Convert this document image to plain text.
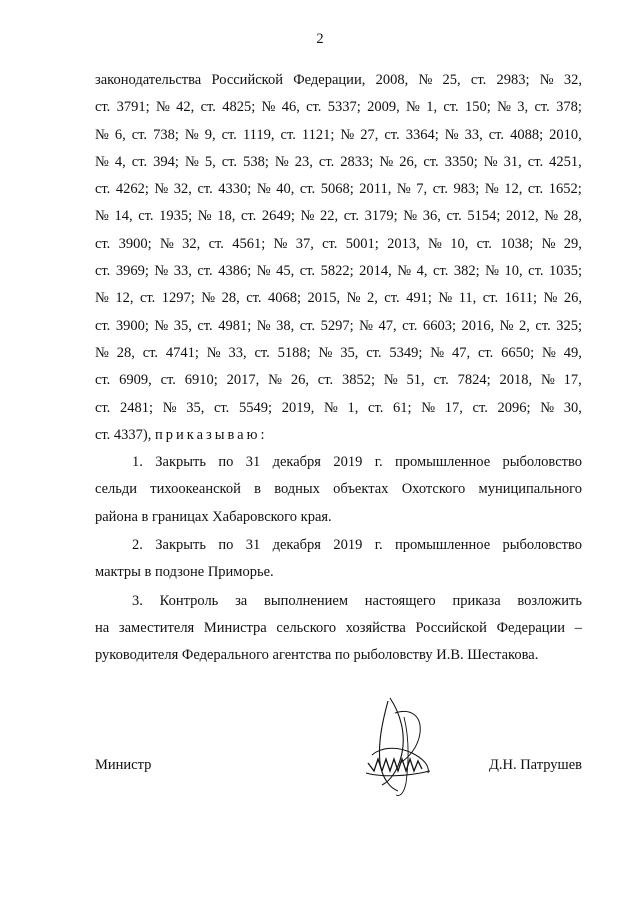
2
законодательства Российской Федерации, 2008, № 25, ст. 2983; № 32,
ст. 3791; № 42, ст. 4825; № 46, ст. 5337; 2009, № 1, ст. 150; № 3, ст. 378;
№ 6, ст. 738; № 9, ст. 1119, ст. 1121; № 27, ст. 3364; № 33, ст. 4088; 2010,
№ 4, ст. 394; № 5, ст. 538; № 23, ст. 2833; № 26, ст. 3350; № 31, ст. 4251,
ст. 4262; № 32, ст. 4330; № 40, ст. 5068; 2011, № 7, ст. 983; № 12, ст. 1652;
№ 14, ст. 1935; № 18, ст. 2649; № 22, ст. 3179; № 36, ст. 5154; 2012, № 28,
ст. 3900; № 32, ст. 4561; № 37, ст. 5001; 2013, № 10, ст. 1038; № 29,
ст. 3969; № 33, ст. 4386; № 45, ст. 5822; 2014, № 4, ст. 382; № 10, ст. 1035;
№ 12, ст. 1297; № 28, ст. 4068; 2015, № 2, ст. 491; № 11, ст. 1611; № 26,
ст. 3900; № 35, ст. 4981; № 38, ст. 5297; № 47, ст. 6603; 2016, № 2, ст. 325;
№ 28, ст. 4741; № 33, ст. 5188; № 35, ст. 5349; № 47, ст. 6650; № 49,
ст. 6909, ст. 6910; 2017, № 26, ст. 3852; № 51, ст. 7824; 2018, № 17,
ст. 2481; № 35, ст. 5549; 2019, № 1, ст. 61; № 17, ст. 2096; № 30,
ст. 4337),
приказываю:
1. Закрыть по 31 декабря 2019 г. промышленное рыболовство
сельди тихоокеанской в водных объектах Охотского муниципального
района в границах Хабаровского края.
2. Закрыть по 31 декабря 2019 г. промышленное рыболовство
мактры в подзоне Приморье.
3. Контроль за выполнением настоящего приказа возложить
на заместителя Министра сельского хозяйства Российской Федерации –
руководителя Федерального агентства по рыболовству И.В. Шестакова.
Министр	Д.Н. Патрушев
